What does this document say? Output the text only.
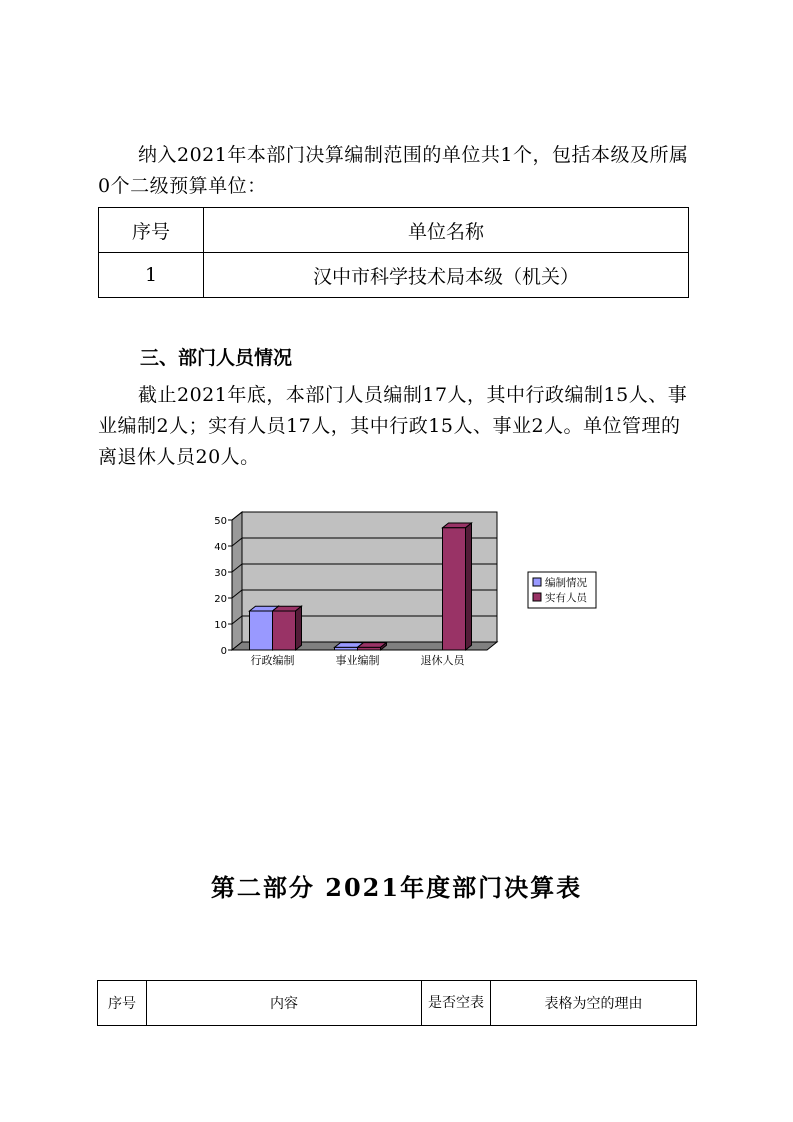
纳入2021年本部门决算编制范围的单位共1个，包括本级及所属0个二级预算单位：
序号	单位名称
1	汉中市科学技术局本级（机关）
三、部门人员情况
截止2021年底，本部门人员编制17人，其中行政编制15人、事业编制2人；实有人员17人，其中行政15人、事业2人。单位管理的离退休人员20人。
0
10
20
30
40
50
行政编制	事业编制	退休人员
编制情况
实有人员
第二部分 2021年度部门决算表
序号	内容	是否空表	表格为空的理由
